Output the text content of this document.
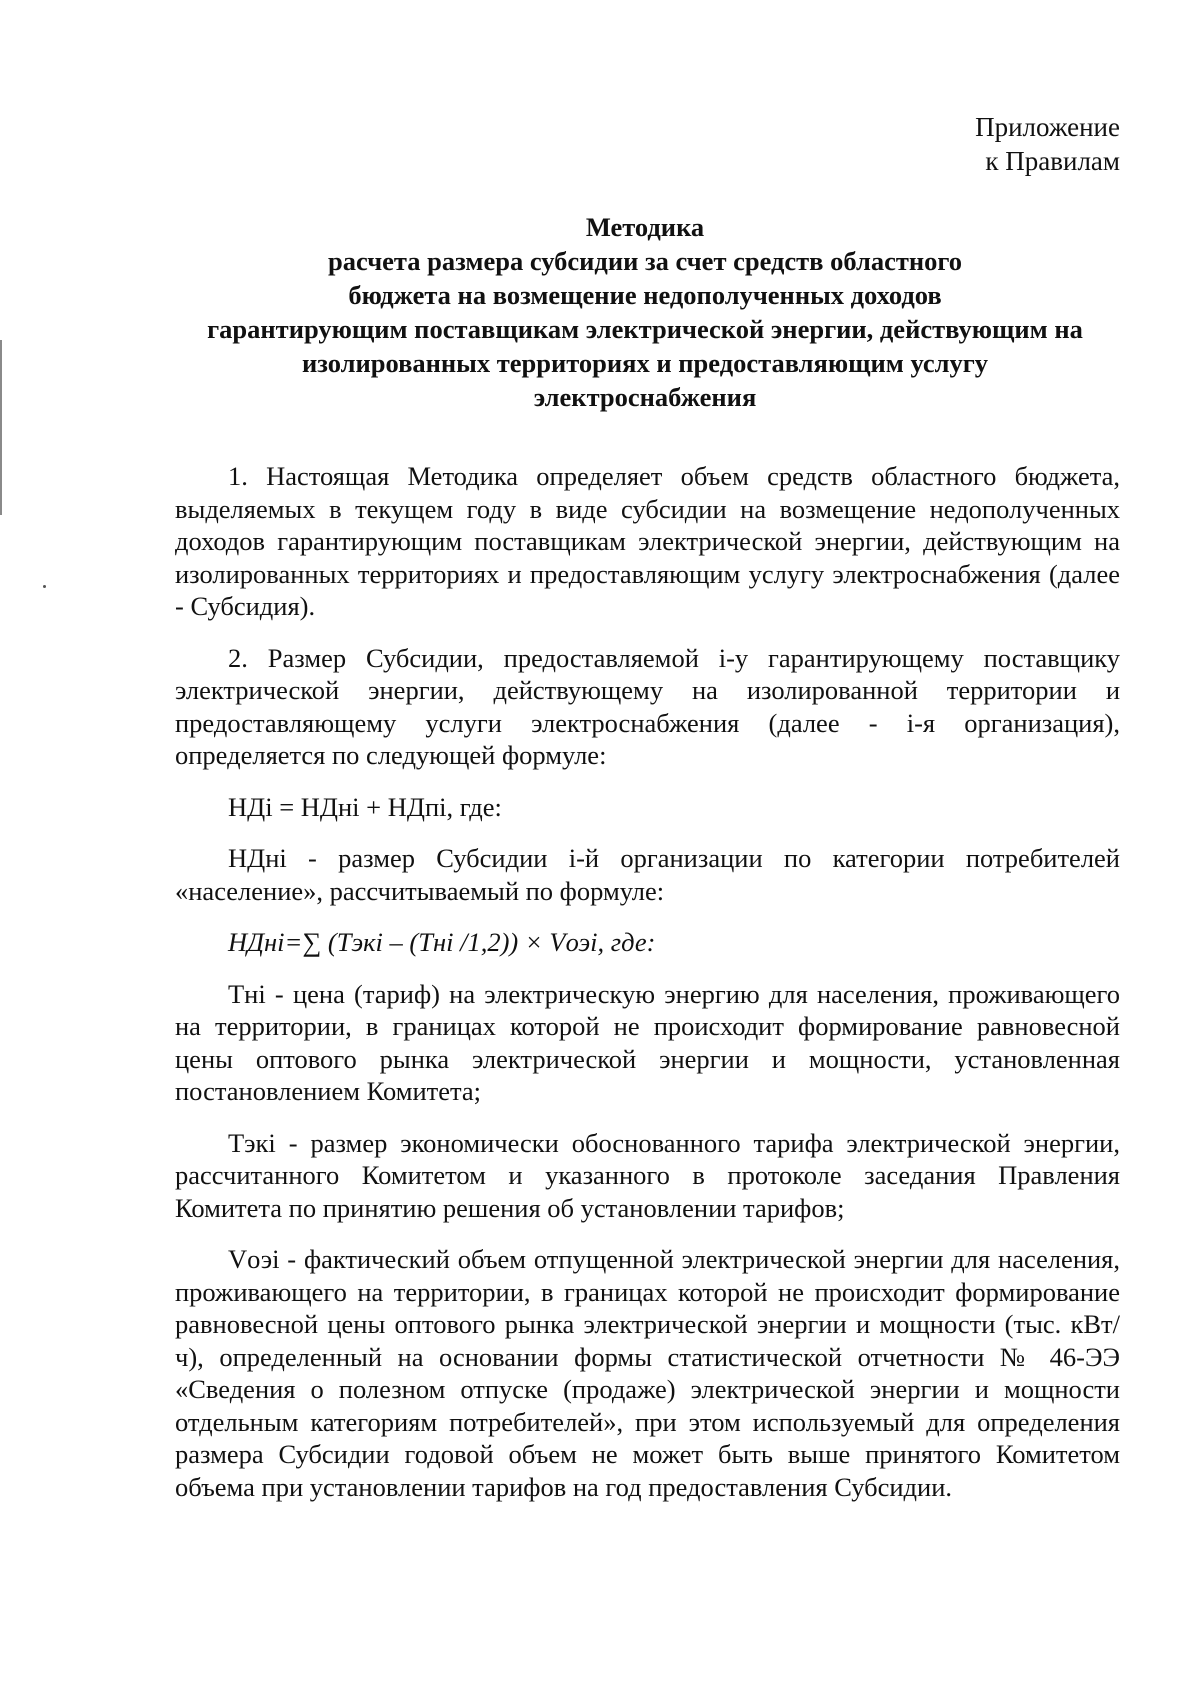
Приложение
к Правилам
Методика
расчета размера субсидии за счет средств областного
бюджета на возмещение недополученных доходов
гарантирующим поставщикам электрической энергии, действующим на
изолированных территориях и предоставляющим услугу
электроснабжения

1. Настоящая Методика определяет объем средств областного бюджета, выделяемых в текущем году в виде субсидии на возмещение недополученных доходов гарантирующим поставщикам электрической энергии, действующим на изолированных территориях и предоставляющим услугу электроснабжения (далее - Субсидия).

2. Размер Субсидии, предоставляемой i-у гарантирующему поставщику электрической энергии, действующему на изолированной территории и предоставляющему услуги электроснабжения (далее - i-я организация), определяется по следующей формуле:

НДi = НДнi + НДпi, где:

НДнi - размер Субсидии i-й организации по категории потребителей «население», рассчитываемый по формуле:

НДнi=∑ (Тэкi – (Тнi /1,2)) × Vоэi, где:

Тнi - цена (тариф) на электрическую энергию для населения, проживающего на территории, в границах которой не происходит формирование равновесной цены оптового рынка электрической энергии и мощности, установленная постановлением Комитета;

Тэкi - размер экономически обоснованного тарифа электрической энергии, рассчитанного Комитетом и указанного в протоколе заседания Правления Комитета по принятию решения об установлении тарифов;

Vоэi - фактический объем отпущенной электрической энергии для населения, проживающего на территории, в границах которой не происходит формирование равновесной цены оптового рынка электрической энергии и мощности (тыс. кВт/ч), определенный на основании формы статистической отчетности № 46-ЭЭ «Сведения о полезном отпуске (продаже) электрической энергии и мощности отдельным категориям потребителей», при этом используемый для определения размера Субсидии годовой объем не может быть выше принятого Комитетом объема при установлении тарифов на год предоставления Субсидии.
